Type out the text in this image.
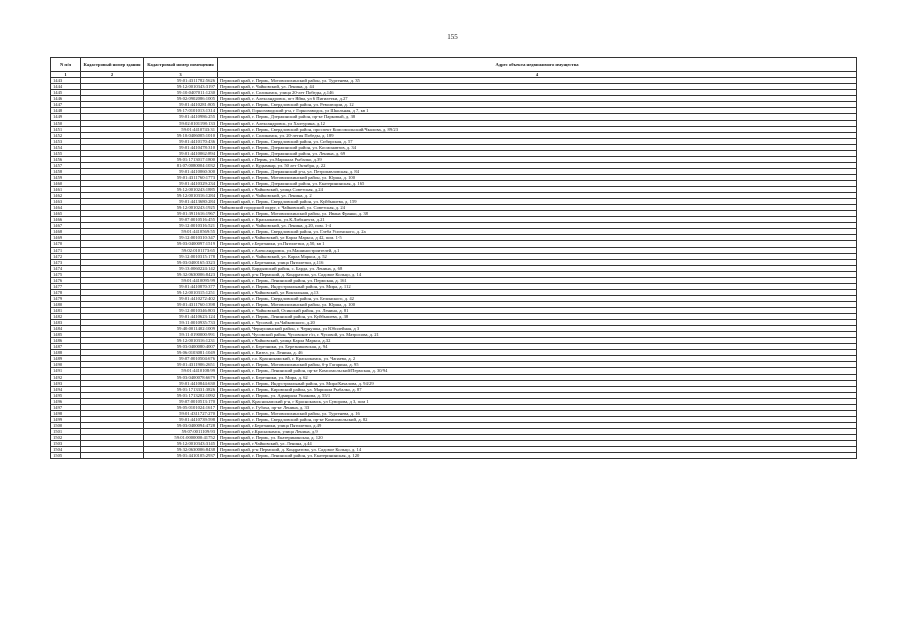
155
N п/п	Кадастровый номер здания	Кадастровый номер помещения	Адрес объекта недвижимого имущества
1	2	3	4
1443		59:01:4311782:5626	Пермский край, г. Пермь, Мотовилихинский район, ул. Тургенева, д. 35
1444		59:12:0010343:3197	Пермский край, г. Чайковский, ул. Ленина, д. 44
1445		59:10:0407011:1230	Пермский край, г. Соликамск, улица 20-лет Победы, д.146
1446		59:02:0902086:1005	Пермский край, г. Александровск, пгт Яйва, ул 6 Пятилетки, д.27
1447		59:01:4410281:805	Пермский край, г. Пермь, Свердловский район, ул. Революции, д. 12
1448		59:17:0101013:1314	Пермский край, Горнозаводский р-н, г Горнозаводск, ул Школьная, д 7, кв 1
1449		59:01:4410986:255	Пермский край, г. Пермь, Дзержинский район, пр-кт Парковый, д. 38
1450		59:02:0101198:133	Пермский край, г. Александровск, ул Халтурина, д.12
1451		59:01:4410743:31	Пермский край, г. Пермь, Свердловский район, проспект Комсомольский/Чкалова, д. 89/23
1452		59:10:0406005:1010	Пермский край, г. Соликамск, ул. 20-летия Победы, д. 189
1453		59:01:4410170:436	Пермский край, г. Пермь, Свердловский район, ул. Сибирская, д. 57
1454		59:01:4410478:310	Пермский край, г. Пермь, Дзержинский район, ул. Космонавтов, д. 34
1455		59:01:4410062:894	Пермский край, г. Пермь, Дзержинский район, ул. Ленина, д. 69
1456		59:01:1713017:1800	Пермский край, г.Пермь, ул.Маршала Рыбалко, д.39
1457		81:07:0080004:1032	Пермский край, г. Кудымкар, ул. 50 лет Октября, д. 22
1458		59:01:4410060:300	Пермский край, г. Пермь, Дзержинский р-н, ул. Петропавловская, д. 84
1459		59:01:4311760:1773	Пермский край, г. Пермь, Мотовилихинский район, ул. Юрша, д. 100
1460		59:01:4410329:234	Пермский край, г. Пермь, Дзержинский район, ул. Екатерининская, д. 165
1461		59:12:0010243:1885	Пермский край, г.Чайковский, улица Советская, д.24
1462		59:12:0010316:1284	Пермский край, г. Чайковский, ул. Ленина, д. 2
1463		59:01:4413680:284	Пермский край, г. Пермь, Свердловский район, ул. Куйбышева, д. 159
1464		59:12:0010243:1925	Чайковский городской округ, г. Чайковский, ул. Советская, д. 24
1465		59:01:3911616:1967	Пермский край, г. Пермь, Мотовилихинский район, ул. Ивана Франко, д. 38
1466		59:07:0010516:455	Пермский край, г. Краснокамск, ул.К.Либкнехта, д.21
1467		59:12:0010316:521	Пермский край, г. Чайковский, ул. Ленина, д.20, пом. 1-4
1468		59:01:4410569:55	Пермский край, г. Пермь, Свердловский район, ул. Глеба Успенского, д. 2а
1469		59:12:0010310:347	Пермский край, г.Чайковский, ул Карла Маркса, д 42, пом. 1-5
1470		59:03:0400097:1519	Пермский край, г.Березники, ул.Пятилетки, д.50, кв 1
1471		59:02:0101173:65	Пермский край, г.Александровск, ул.Машиностроителей, д.1
1472		59:12:0010315:178	Пермский край, г. Чайковский, ул. Карла Маркса, д. 52
1473		59:03:0400165:3323	Пермский край, г.Березники, улица Пятилетки, д.116
1474		59:13:0060224:142	Пермский край, Бардымский район, с. Барда, ул. Ленина, д. 68
1475		59:32:0630006:8423	Пермский край, р-н Пермский, д. Кондратово, ул. Садовое Кольцо, д. 14
1476		59:01:4410095:99	Пермский край, г. Пермь, Ленинский район, ул. Пермская, д. 161
1477		59:01:4410870:377	Пермский край, г. Пермь, Индустриальный район, ул. Мира, д. 112
1478		59:12:0010315:1251	Пермский край, г.Чайковский, ул Вокзальная, д.13
1479		59:01:4410272:402	Пермский край, г. Пермь, Свердловский район, ул. Белинского, д. 42
1480		59:01:4311760:1398	Пермский край, г. Пермь, Мотовилихинский район, ул. Юрша, д. 100
1481		59:12:0010346:803	Пермский край, г. Чайковский, Осинский район, ул. Ленина, д. 81
1482		59:01:4410623:124	Пермский край, г. Пермь, Ленинский район, ул. Куйбышева, д. 38
1483		59:11:0010935:733	Пермский край, г. Чусовой, ул.Чайковского, д.20
1484		59:40:0011402:1009	Пермский край, Чернушинский район, г. Чернушка, ул Юбилейная, д 3
1485		59:11:0190000:991	Пермский край, Чусовской район, Чусовское г/п, г. Чусовой, ул. Матросова, д. 21
1486		59:12:0010316:1231	Пермский край, г.Чайковский, улица Карла Маркса, д.32
1487		59:03:0400080:4007	Пермский край, г. Березники, ул. Березниковская, д. 94
1488		59:06:0103081:1049	Пермский край, г. Кизел, ул. Ленина, д. 46
1489		59:07:0010504:676	Пермский край, г.о. Краснокамский, г. Краснокамск, ул. Чапаева, д. 2
1490		59:01:4311906:2651	Пермский край, г. Пермь, Мотовилихинский район, б-р Гагарина, д. 95
1491		59:01:4410108:99	Пермский край, г. Пермь, Ленинский район, пр-кт Комсомольский/Пермская, д. 30/94
1492		59:03:0400078:6679	Пермский край, г. Березники, ул. Мира, д. 62
1493		59:01:4410844:630	Пермский край, г. Пермь, Индустриальный район, ул. Мира/Качалова, д. 94/29
1494		59:01:1713331:3826	Пермский край, г. Пермь, Кировский район, ул. Маршала Рыбалко, д. 87
1495		59:01:1713202:1092	Пермский край, г. Пермь, ул. Адмирала Ушакова, д. 55/1
1496		59:07:0010513:170	Пермский край, Краснокамский р-н, г Краснокамск, ул Суворова, д 3, пом 1
1497		59:05:0101024:1617	Пермский край, г. Губаха, пр-кт Ленина, д. 33
1498		59:01:4311727:270	Пермский край, г. Пермь, Мотовилихинский район, ул. Тургенева, д. 16
1499		59:01:4410739:598	Пермский край, г. Пермь, Свердловский район, пр-кт Комсомольский, д. 82
1500		59:03:0400094:4728	Пермский край, г.Березники, улица Пятилетки, д.49
1501		59:07:0011109:93	Пермский край, г.Краснокамск, улица Ленина, д.9
1502		59:01:0000000:41752	Пермский край, г. Пермь, ул. Екатерининская, д. 120
1503		59:12:0010343:3145	Пермский край, г.Чайковский, ул. Ленина, д.44
1504		59:32:0630006:8438	Пермский край, р-н Пермский, д. Кондратово, ул. Садовое Кольцо, д. 14
1505		59:01:4410105:2937	Пермский край, г. Пермь, Ленинский район, ул. Екатерининская, д. 120
